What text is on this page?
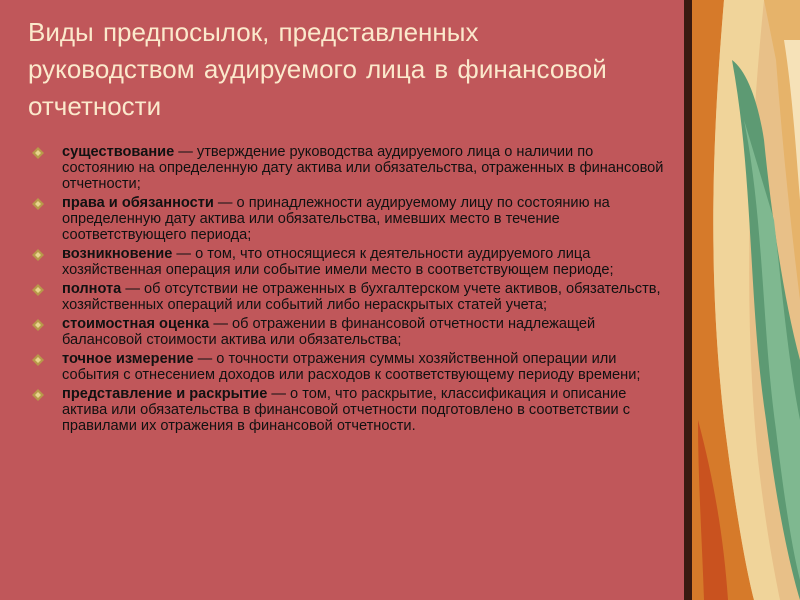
Виды предпосылок, представленных руководством аудируемого лица в финансовой отчетности
существование — утверждение руководства аудируемого лица о наличии по состоянию на определенную дату актива или обязательства, отраженных в финансовой отчетности;
права и обязанности — о принадлежности аудируемому лицу по состоянию на определенную дату актива или обязательства, имевших место в течение соответствующего периода;
возникновение — о том, что относящиеся к деятельности аудируемого лица хозяйственная операция или событие имели место в соответствующем периоде;
полнота — об отсутствии не отраженных в бухгалтерском учете активов, обязательств, хозяйственных операций или событий либо нераскрытых статей учета;
стоимостная оценка — об отражении в финансовой отчетности надлежащей балансовой стоимости актива или обязательства;
точное измерение — о точности отражения суммы хозяйственной операции или события с отнесением доходов или расходов к соответствующему периоду времени;
представление и раскрытие — о том, что раскрытие, классификация и описание актива или обязательства в финансовой отчетности подготовлено в соответствии с правилами их отражения в финансовой отчетности.
